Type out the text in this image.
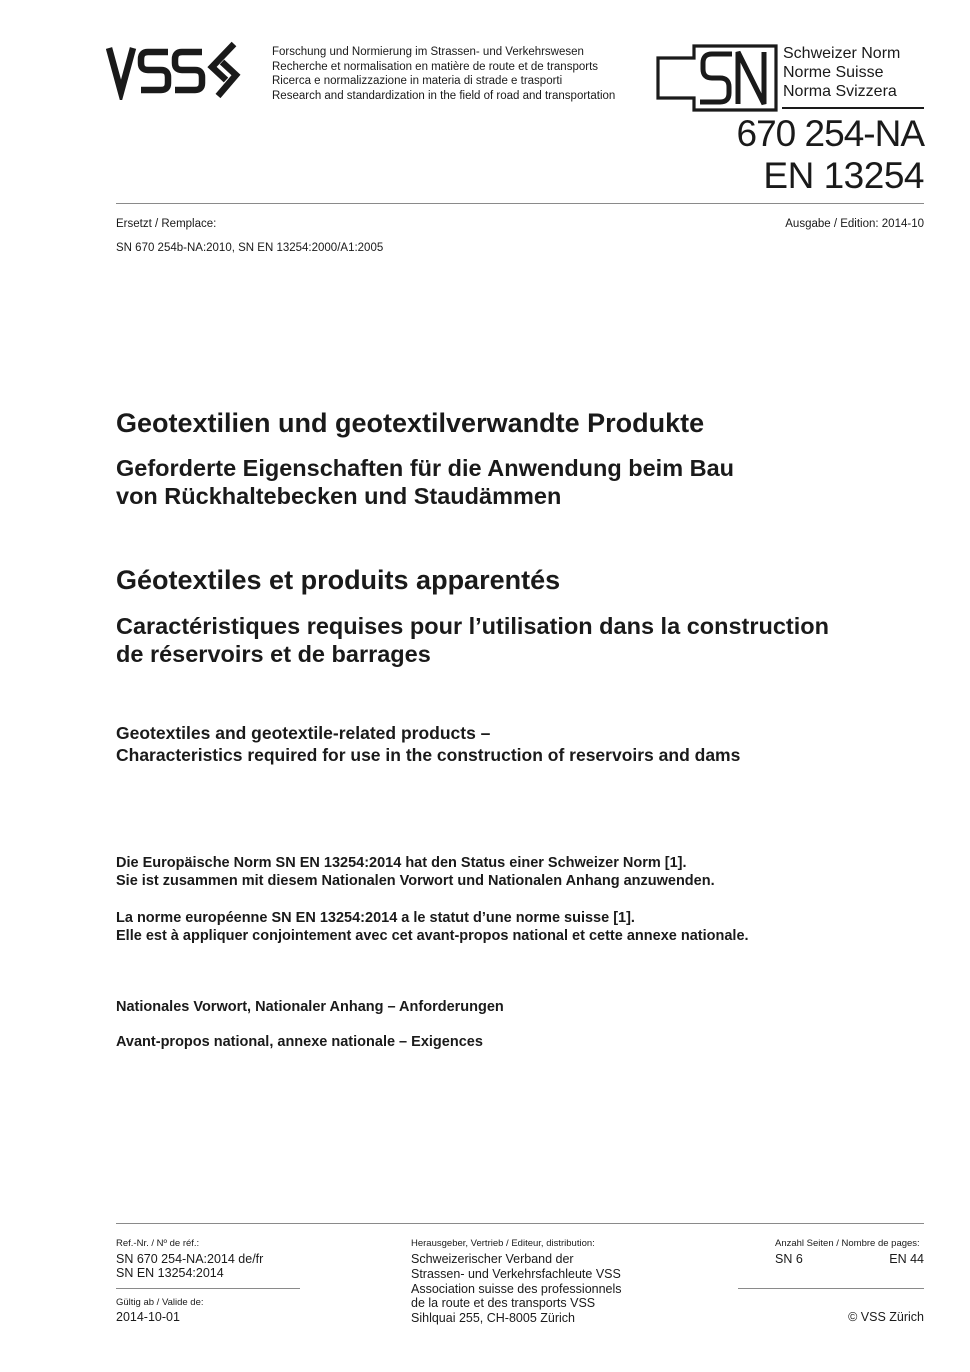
Forschung und Normierung im Strassen- und Verkehrswesen
Recherche et normalisation en matière de route et de transports
Ricerca e normalizzazione in materia di strade e trasporti
Research and standardization in the field of road and transportation
Schweizer Norm
Norme Suisse
Norma Svizzera
670 254-NA
EN 13254
Ersetzt / Remplace:	Ausgabe / Edition: 2014-10
SN 670 254b-NA:2010, SN EN 13254:2000/A1:2005
Geotextilien und geotextilverwandte Produkte
Geforderte Eigenschaften für die Anwendung beim Bau
von Rückhaltebecken und Staudämmen
Géotextiles et produits apparentés
Caractéristiques requises pour l’utilisation dans la construction
de réservoirs et de barrages
Geotextiles and geotextile-related products –
Characteristics required for use in the construction of reservoirs and dams
Die Europäische Norm SN EN 13254:2014 hat den Status einer Schweizer Norm [1].
Sie ist zusammen mit diesem Nationalen Vorwort und Nationalen Anhang anzuwenden.
La norme européenne SN EN 13254:2014 a le statut d’une norme suisse [1].
Elle est à appliquer conjointement avec cet avant-propos national et cette annexe nationale.
Nationales Vorwort, Nationaler Anhang – Anforderungen
Avant-propos national, annexe nationale – Exigences
Ref.-Nr. / Nº de réf.:
SN 670 254-NA:2014 de/fr
SN EN 13254:2014
Gültig ab / Valide de:
2014-10-01
Herausgeber, Vertrieb / Editeur, distribution:
Schweizerischer Verband der
Strassen- und Verkehrsfachleute VSS
Association suisse des professionnels
de la route et des transports VSS
Sihlquai 255, CH-8005 Zürich
Anzahl Seiten / Nombre de pages:
SN 6	EN 44
© VSS Zürich
